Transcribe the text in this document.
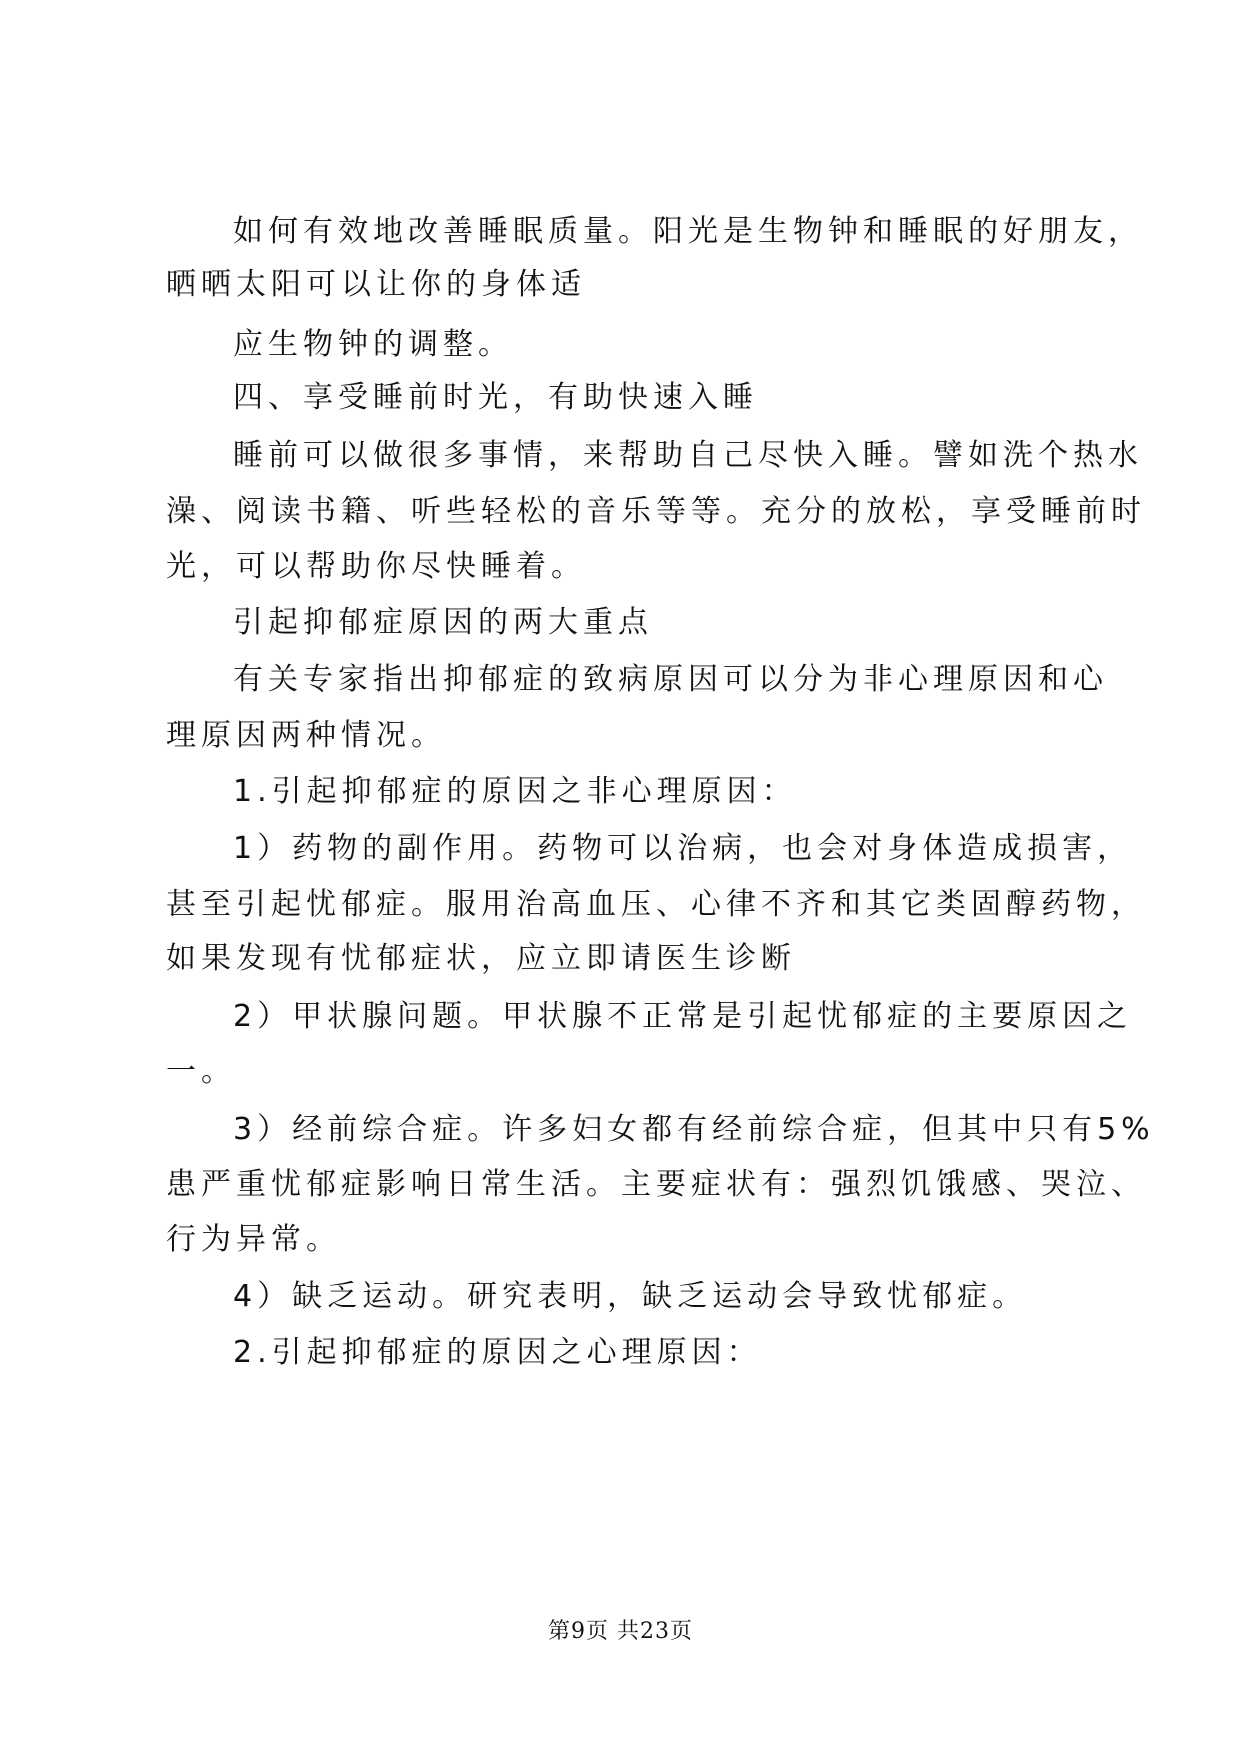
如何有效地改善睡眠质量。阳光是生物钟和睡眠的好朋友，
晒晒太阳可以让你的身体适
应生物钟的调整。
四、享受睡前时光，有助快速入睡
睡前可以做很多事情，来帮助自己尽快入睡。譬如洗个热水
澡、阅读书籍、听些轻松的音乐等等。充分的放松，享受睡前时
光，可以帮助你尽快睡着。
引起抑郁症原因的两大重点
有关专家指出抑郁症的致病原因可以分为非心理原因和心
理原因两种情况。
1.引起抑郁症的原因之非心理原因：
1）药物的副作用。药物可以治病，也会对身体造成损害，
甚至引起忧郁症。服用治高血压、心律不齐和其它类固醇药物，
如果发现有忧郁症状，应立即请医生诊断
2）甲状腺问题。甲状腺不正常是引起忧郁症的主要原因之
一。
3）经前综合症。许多妇女都有经前综合症，但其中只有5%
患严重忧郁症影响日常生活。主要症状有：强烈饥饿感、哭泣、
行为异常。
4）缺乏运动。研究表明，缺乏运动会导致忧郁症。
2.引起抑郁症的原因之心理原因：
第9页 共23页
